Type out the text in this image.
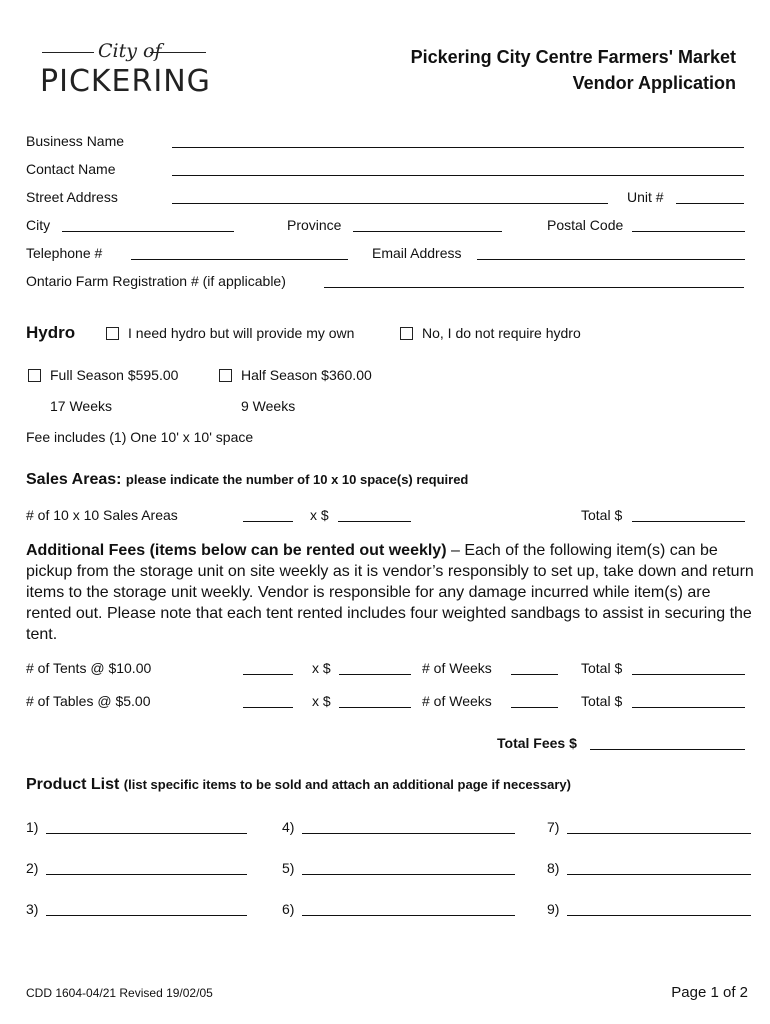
City of
PICKERING
Pickering City Centre Farmers' Market
Vendor Application
Business Name
Contact Name
Street Address	Unit #
City	Province	Postal Code
Telephone #	Email Address
Ontario Farm Registration # (if applicable)
Hydro	I need hydro but will provide my own	No, I do not require hydro
Full Season $595.00
17 Weeks
Half Season $360.00
9 Weeks
Fee includes (1) One 10' x 10' space
Sales Areas: please indicate the number of 10 x 10 space(s) required
# of 10 x 10 Sales Areas	x $	Total $
Additional Fees (items below can be rented out weekly) – Each of the following item(s) can be pickup from the storage unit on site weekly as it is vendor’s responsibly to set up, take down and return items to the storage unit weekly. Vendor is responsible for any damage incurred while item(s) are rented out. Please note that each tent rented includes four weighted sandbags to assist in securing the tent.
# of Tents @ $10.00	x $	# of Weeks	Total $
# of Tables @ $5.00	x $	# of Weeks	Total $
Total Fees $
Product List (list specific items to be sold and attach an additional page if necessary)
1)	4)	7)
2)	5)	8)
3)	6)	9)
CDD 1604-04/21 Revised 19/02/05	Page 1 of 2
